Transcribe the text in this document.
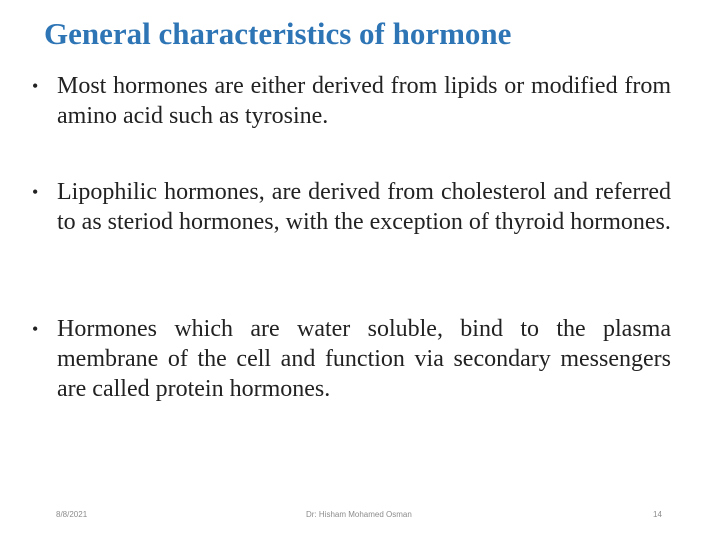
General characteristics of hormone
• Most hormones are either derived from lipids or modified from amino acid such as tyrosine.
• Lipophilic hormones, are derived from cholesterol and referred to as steriod hormones, with the exception of thyroid hormones.
• Hormones which are water soluble, bind to the plasma membrane of the cell and function via secondary messengers are called protein hormones.
8/8/2021	Dr: Hisham Mohamed Osman	14
